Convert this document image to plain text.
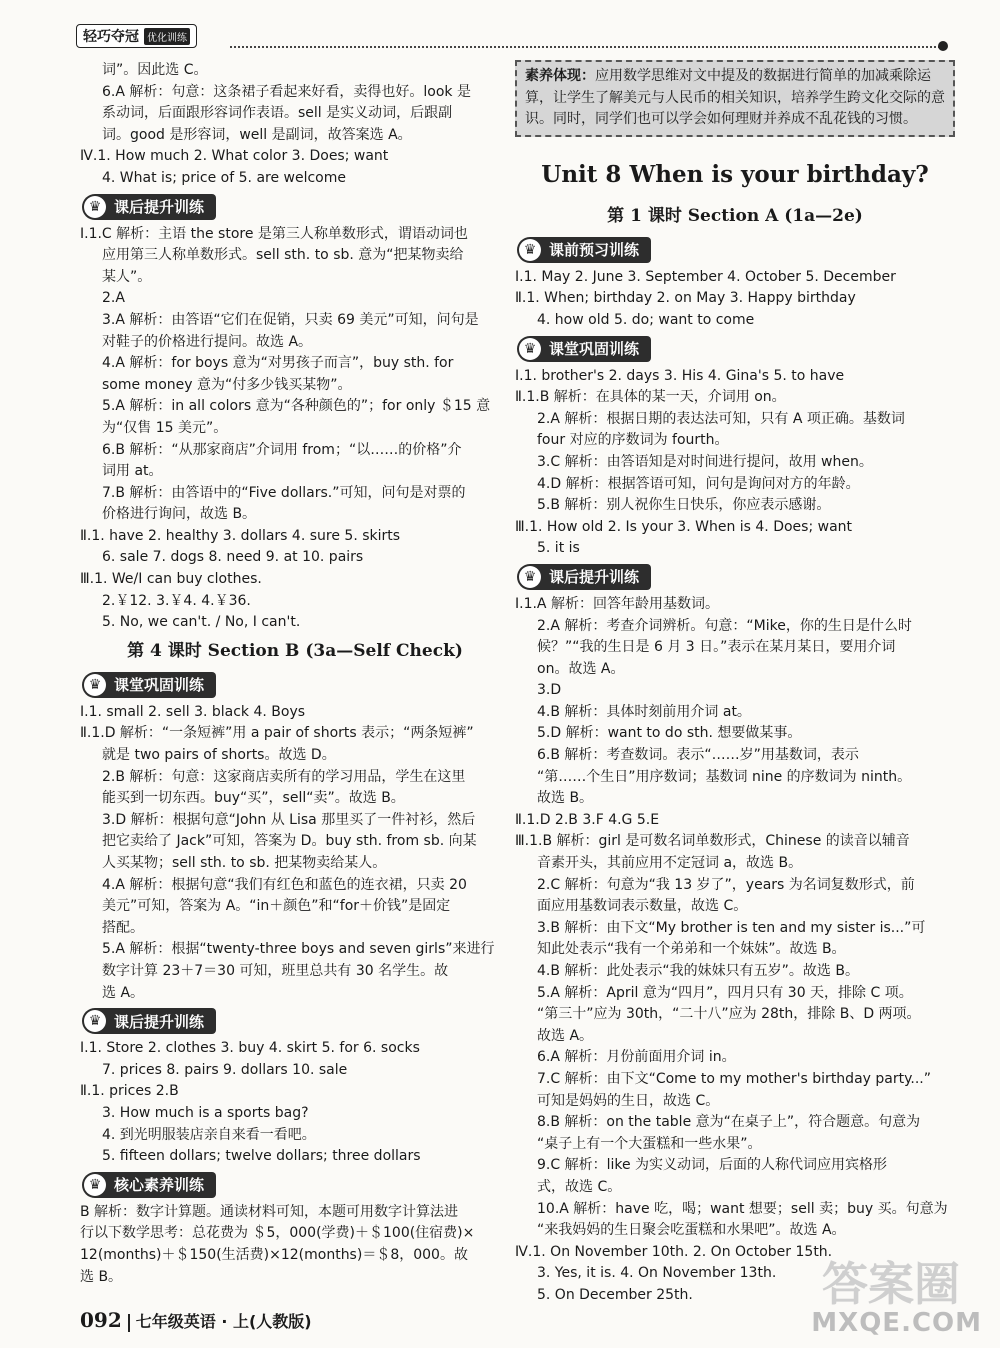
轻巧夺冠 优化训练
词”。因此选 C。
6.A 解析：句意：这条裙子看起来好看，卖得也好。look 是
系动词，后面跟形容词作表语。sell 是实义动词，后跟副
词。good 是形容词，well 是副词，故答案选 A。
Ⅳ.1. How much 2. What color 3. Does; want
4. What is; price of 5. are welcome
♛ 课后提升训练
Ⅰ.1.C 解析：主语 the store 是第三人称单数形式，谓语动词也
应用第三人称单数形式。sell sth. to sb. 意为“把某物卖给
某人”。
2.A
3.A 解析：由答语“它们在促销，只卖 69 美元”可知，问句是
对鞋子的价格进行提问。故选 A。
4.A 解析：for boys 意为“对男孩子而言”，buy sth. for
some money 意为“付多少钱买某物”。
5.A 解析：in all colors 意为“各种颜色的”；for only ＄15 意
为“仅售 15 美元”。
6.B 解析：“从那家商店”介词用 from；“以……的价格”介
词用 at。
7.B 解析：由答语中的“Five dollars.”可知，问句是对票的
价格进行询问，故选 B。
Ⅱ.1. have 2. healthy 3. dollars 4. sure 5. skirts
6. sale 7. dogs 8. need 9. at 10. pairs
Ⅲ.1. We/I can buy clothes.
2.￥12. 3.￥4. 4.￥36.
5. No, we can't. / No, I can't.
第 4 课时 Section B (3a—Self Check)
♛ 课堂巩固训练
Ⅰ.1. small 2. sell 3. black 4. Boys
Ⅱ.1.D 解析：“一条短裤”用 a pair of shorts 表示；“两条短裤”
就是 two pairs of shorts。故选 D。
2.B 解析：句意：这家商店卖所有的学习用品，学生在这里
能买到一切东西。buy“买”，sell“卖”。故选 B。
3.D 解析：根据句意“John 从 Lisa 那里买了一件衬衫，然后
把它卖给了 Jack”可知，答案为 D。buy sth. from sb. 向某
人买某物；sell sth. to sb. 把某物卖给某人。
4.A 解析：根据句意“我们有红色和蓝色的连衣裙，只卖 20
美元”可知，答案为 A。“in＋颜色”和“for＋价钱”是固定
搭配。
5.A 解析：根据“twenty-three boys and seven girls”来进行
数字计算 23＋7＝30 可知，班里总共有 30 名学生。故
选 A。
♛ 课后提升训练
Ⅰ.1. Store 2. clothes 3. buy 4. skirt 5. for 6. socks
7. prices 8. pairs 9. dollars 10. sale
Ⅱ.1. prices 2.B
3. How much is a sports bag?
4. 到光明服装店亲自来看一看吧。
5. fifteen dollars; twelve dollars; three dollars
♛ 核心素养训练
B 解析：数字计算题。通读材料可知，本题可用数字计算法进
行以下数学思考：总花费为 ＄5，000(学费)＋＄100(住宿费)×
12(months)＋＄150(生活费)×12(months)＝＄8，000。故
选 B。
素养体现：应用数学思维对文中提及的数据进行简单的加减乘除运算，让学生了解美元与人民币的相关知识，培养学生跨文化交际的意识。同时，同学们也可以学会如何理财并养成不乱花钱的习惯。
Unit 8 When is your birthday?
第 1 课时 Section A (1a—2e)
♛ 课前预习训练
Ⅰ.1. May 2. June 3. September 4. October 5. December
Ⅱ.1. When; birthday 2. on May 3. Happy birthday
4. how old 5. do; want to come
♛ 课堂巩固训练
Ⅰ.1. brother's 2. days 3. His 4. Gina's 5. to have
Ⅱ.1.B 解析：在具体的某一天，介词用 on。
2.A 解析：根据日期的表达法可知，只有 A 项正确。基数词
four 对应的序数词为 fourth。
3.C 解析：由答语知是对时间进行提问，故用 when。
4.D 解析：根据答语可知，问句是询问对方的年龄。
5.B 解析：别人祝你生日快乐，你应表示感谢。
Ⅲ.1. How old 2. Is your 3. When is 4. Does; want
5. it is
♛ 课后提升训练
Ⅰ.1.A 解析：回答年龄用基数词。
2.A 解析：考查介词辨析。句意：“Mike，你的生日是什么时
候？”“我的生日是 6 月 3 日。”表示在某月某日，要用介词
on。故选 A。
3.D
4.B 解析：具体时刻前用介词 at。
5.D 解析：want to do sth. 想要做某事。
6.B 解析：考查数词。表示“……岁”用基数词，表示
“第……个生日”用序数词；基数词 nine 的序数词为 ninth。
故选 B。
Ⅱ.1.D 2.B 3.F 4.G 5.E
Ⅲ.1.B 解析：girl 是可数名词单数形式，Chinese 的读音以辅音
音素开头，其前应用不定冠词 a，故选 B。
2.C 解析：句意为“我 13 岁了”，years 为名词复数形式，前
面应用基数词表示数量，故选 C。
3.B 解析：由下文“My brother is ten and my sister is...”可
知此处表示“我有一个弟弟和一个妹妹”。故选 B。
4.B 解析：此处表示“我的妹妹只有五岁”。故选 B。
5.A 解析：April 意为“四月”，四月只有 30 天，排除 C 项。
“第三十”应为 30th，“二十八”应为 28th，排除 B、D 两项。
故选 A。
6.A 解析：月份前面用介词 in。
7.C 解析：由下文“Come to my mother's birthday party...”
可知是妈妈的生日，故选 C。
8.B 解析：on the table 意为“在桌子上”，符合题意。句意为
“桌子上有一个大蛋糕和一些水果”。
9.C 解析：like 为实义动词，后面的人称代词应用宾格形
式，故选 C。
10.A 解析：have 吃，喝；want 想要；sell 卖；buy 买。句意为
“来我妈妈的生日聚会吃蛋糕和水果吧”。故选 A。
Ⅳ.1. On November 10th. 2. On October 15th.
3. Yes, it is. 4. On November 13th.
5. On December 25th.
092 七年级英语 · 上(人教版)
答案圈
MXQE.COM
